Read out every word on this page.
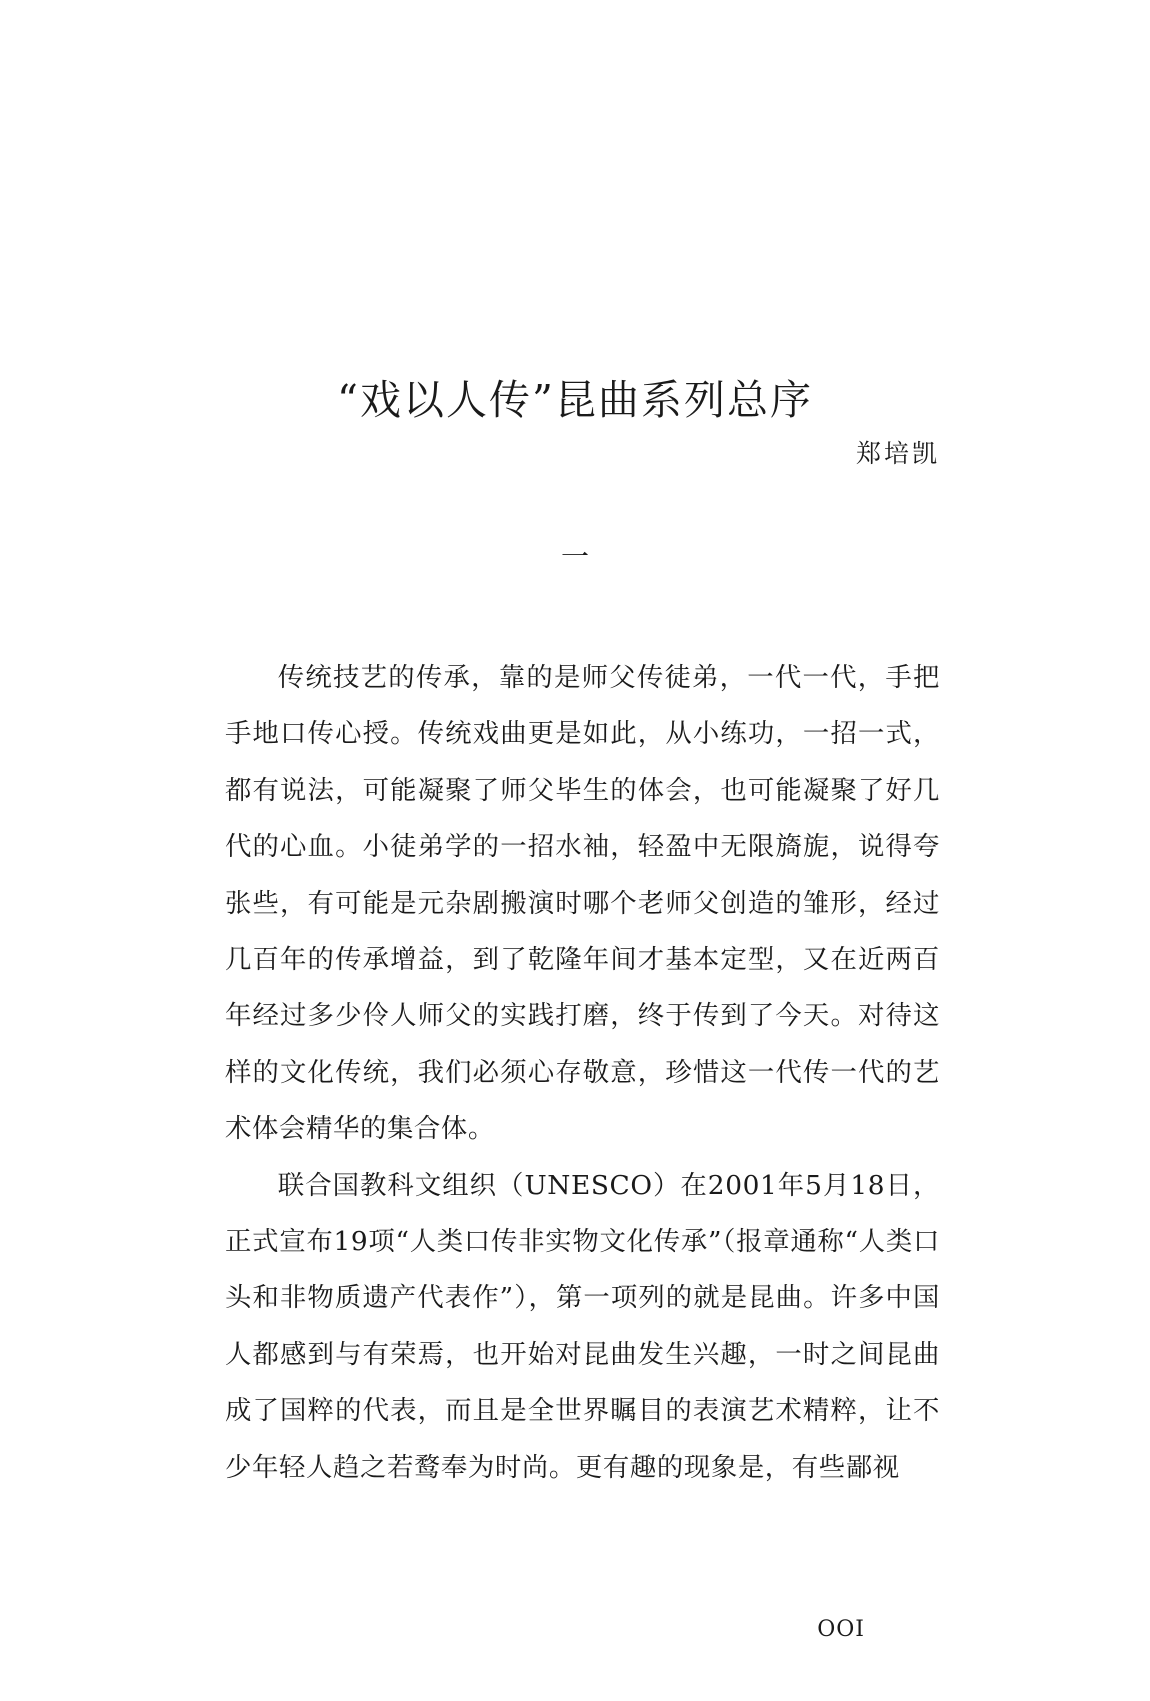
“戏以人传”昆曲系列总序
郑培凯
一

传统技艺的传承，靠的是师父传徒弟，一代一代，手把手地口传心授。传统戏曲更是如此，从小练功，一招一式，都有说法，可能凝聚了师父毕生的体会，也可能凝聚了好几代的心血。小徒弟学的一招水袖，轻盈中无限旖旎，说得夸张些，有可能是元杂剧搬演时哪个老师父创造的雏形，经过几百年的传承增益，到了乾隆年间才基本定型，又在近两百年经过多少伶人师父的实践打磨，终于传到了今天。对待这样的文化传统，我们必须心存敬意，珍惜这一代传一代的艺术体会精华的集合体。

联合国教科文组织（UNESCO）在2001年5月18日，正式宣布19项“人类口传非实物文化传承”（报章通称“人类口头和非物质遗产代表作”），第一项列的就是昆曲。许多中国人都感到与有荣焉，也开始对昆曲发生兴趣，一时之间昆曲成了国粹的代表，而且是全世界瞩目的表演艺术精粹，让不少年轻人趋之若鹜奉为时尚。更有趣的现象是，有些鄙视

OOI
